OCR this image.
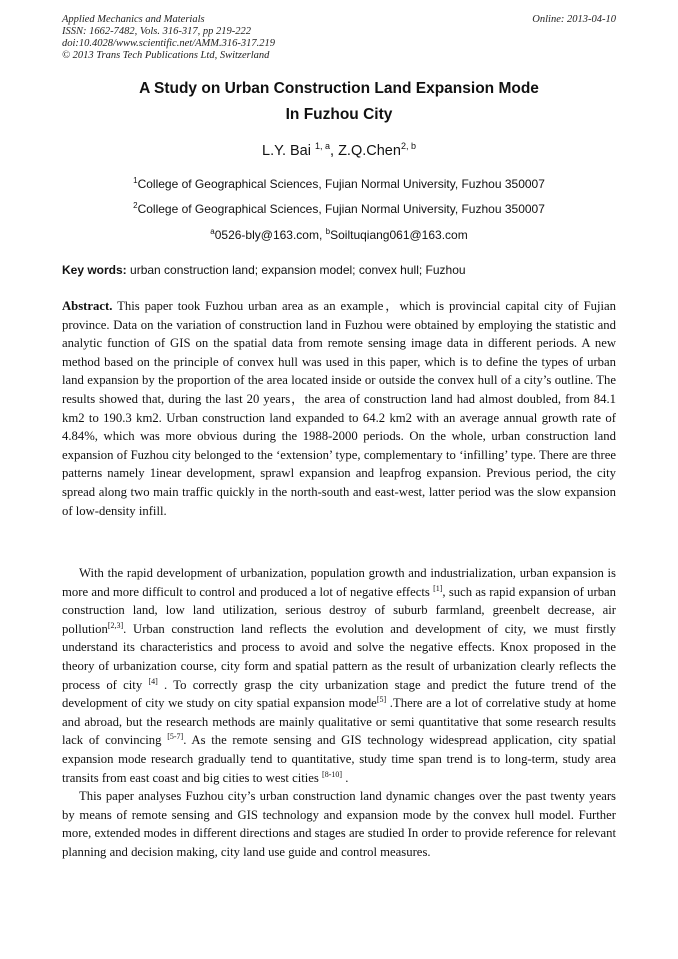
Applied Mechanics and Materials
ISSN: 1662-7482, Vols. 316-317, pp 219-222
doi:10.4028/www.scientific.net/AMM.316-317.219
© 2013 Trans Tech Publications Ltd, Switzerland
Online: 2013-04-10
A Study on Urban Construction Land Expansion Mode
In Fuzhou City
L.Y. Bai $^{1, a}$, Z.Q.Chen$^{2, b}$
$^1$College of Geographical Sciences, Fujian Normal University, Fuzhou 350007
$^2$College of Geographical Sciences, Fujian Normal University, Fuzhou 350007
$^a$0526-bly@163.com, $^b$Soiltuqiang061@163.com
Key words: urban construction land; expansion model; convex hull; Fuzhou

Abstract. This paper took Fuzhou urban area as an example，which is provincial capital city of Fujian province. Data on the variation of construction land in Fuzhou were obtained by employing the statistic and analytic function of GIS on the spatial data from remote sensing image data in different periods. A new method based on the principle of convex hull was used in this paper, which is to define the types of urban land expansion by the proportion of the area located inside or outside the convex hull of a city’s outline. The results showed that, during the last 20 years，the area of construction land had almost doubled, from 84.1 km2 to 190.3 km2. Urban construction land expanded to 64.2 km2 with an average annual growth rate of 4.84%, which was more obvious during the 1988-2000 periods. On the whole, urban construction land expansion of Fuzhou city belonged to the ‘extension’ type, complementary to ‘infilling’ type. There are three patterns namely 1inear development, sprawl expansion and leapfrog expansion. Previous period, the city spread along two main traffic quickly in the north-south and east-west, latter period was the slow expansion of low-density infill.

With the rapid development of urbanization, population growth and industrialization, urban expansion is more and more difficult to control and produced a lot of negative effects [1], such as rapid expansion of urban construction land, low land utilization, serious destroy of suburb farmland, greenbelt decrease, air pollution[2,3]. Urban construction land reflects the evolution and development of city, we must firstly understand its characteristics and process to avoid and solve the negative effects. Knox proposed in the theory of urbanization course, city form and spatial pattern as the result of urbanization clearly reflects the process of city [4] . To correctly grasp the city urbanization stage and predict the future trend of the development of city we study on city spatial expansion mode[5] .There are a lot of correlative study at home and abroad, but the research methods are mainly qualitative or semi quantitative that some research results lack of convincing [5-7]. As the remote sensing and GIS technology widespread application, city spatial expansion mode research gradually tend to quantitative, study time span trend is to long-term, study area transits from east coast and big cities to west cities [8-10] .

This paper analyses Fuzhou city’s urban construction land dynamic changes over the past twenty years by means of remote sensing and GIS technology and expansion mode by the convex hull model. Further more, extended modes in different directions and stages are studied In order to provide reference for relevant planning and decision making, city land use guide and control measures.
